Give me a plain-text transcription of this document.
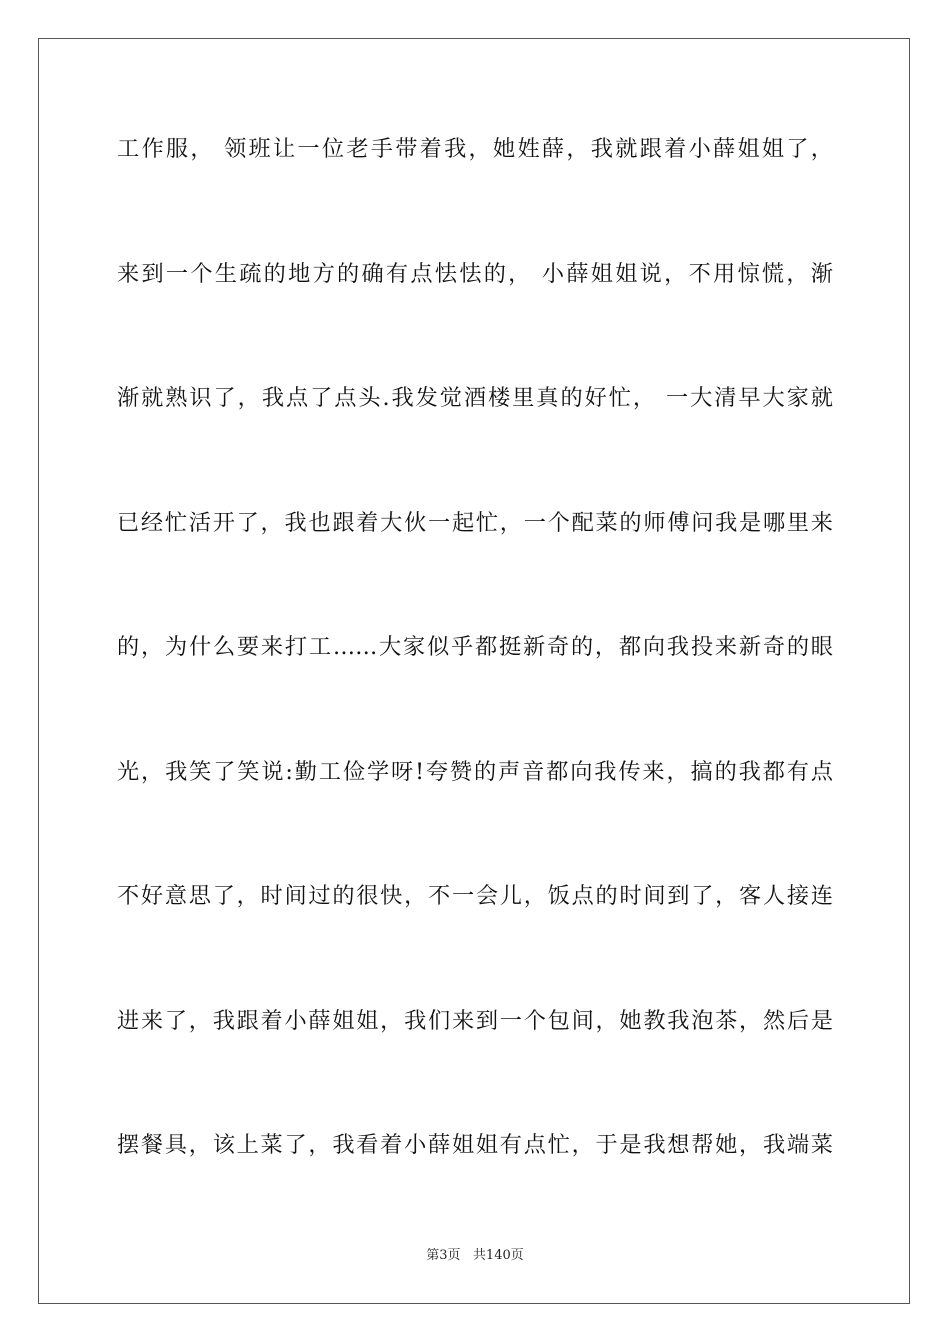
工作服， 领班让一位老手带着我，她姓薛，我就跟着小薛姐姐了，
来到一个生疏的地方的确有点怯怯的， 小薛姐姐说，不用惊慌，渐
渐就熟识了，我点了点头.我发觉酒楼里真的好忙， 一大清早大家就
已经忙活开了，我也跟着大伙一起忙，一个配菜的师傅问我是哪里来
的，为什么要来打工……大家似乎都挺新奇的，都向我投来新奇的眼
光，我笑了笑说:勤工俭学呀!夸赞的声音都向我传来，搞的我都有点
不好意思了，时间过的很快，不一会儿，饭点的时间到了，客人接连
进来了，我跟着小薛姐姐，我们来到一个包间，她教我泡茶，然后是
摆餐具，该上菜了，我看着小薛姐姐有点忙，于是我想帮她，我端菜
第3页   共140页
